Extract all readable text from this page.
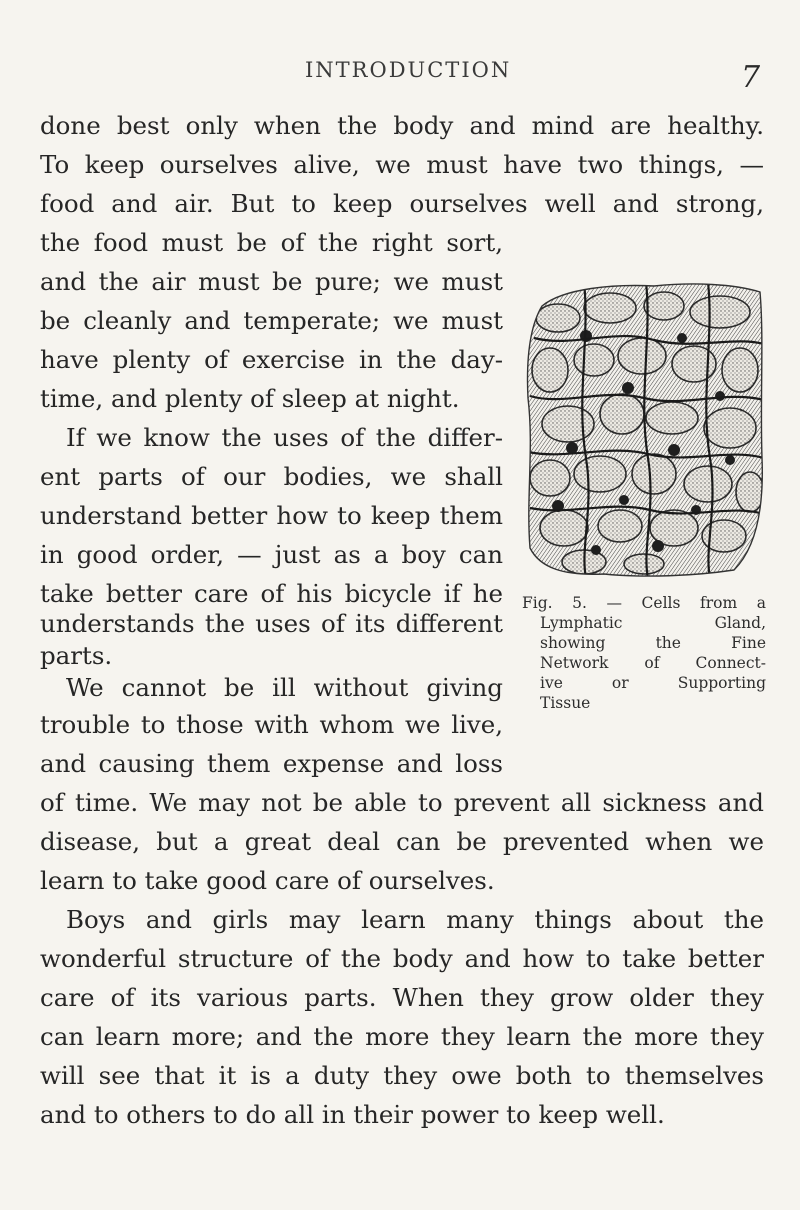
INTRODUCTION	7
done best only when the body and mind are healthy.
To keep ourselves alive, we must have two things, —
food and air. But to keep ourselves well and strong,
the food must be of the right sort,
and the air must be pure; we must
be cleanly and temperate; we must
have plenty of exercise in the day-
time, and plenty of sleep at night.
If we know the uses of the differ-
ent parts of our bodies, we shall
understand better how to keep them
in good order, — just as a boy can
take better care of his bicycle if he
understands the uses of its different
parts.
We cannot be ill without giving
trouble to those with whom we live,
and causing them expense and loss
of time. We may not be able to prevent all sickness and
disease, but a great deal can be prevented when we
learn to take good care of ourselves.
Boys and girls may learn many things about the
wonderful structure of the body and how to take better
care of its various parts. When they grow older they
can learn more; and the more they learn the more they
will see that it is a duty they owe both to themselves
and to others to do all in their power to keep well.
Fig. 5. — Cells from a
Lymphatic Gland,
showing the Fine
Network of Connect-
ive or Supporting
Tissue
